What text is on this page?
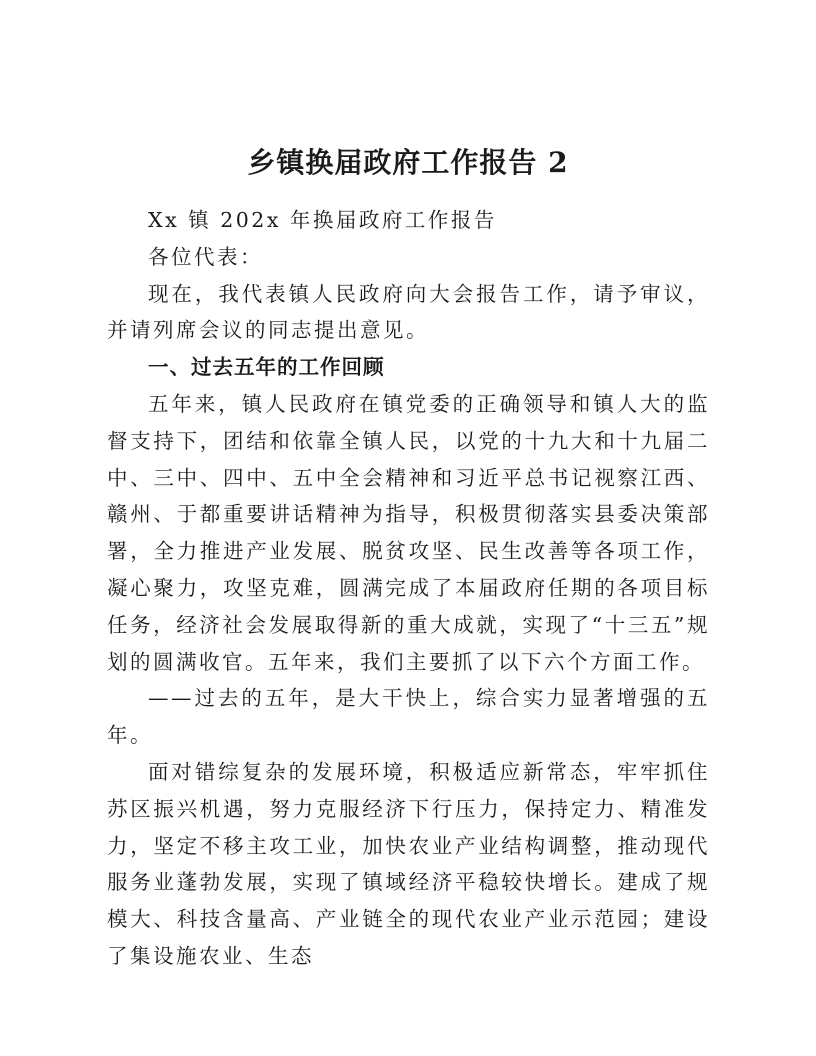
乡镇换届政府工作报告 2

Xx 镇 202x 年换届政府工作报告

各位代表：

现在，我代表镇人民政府向大会报告工作，请予审议，并请列席会议的同志提出意见。

一、过去五年的工作回顾

五年来，镇人民政府在镇党委的正确领导和镇人大的监督支持下，团结和依靠全镇人民，以党的十九大和十九届二中、三中、四中、五中全会精神和习近平总书记视察江西、赣州、于都重要讲话精神为指导，积极贯彻落实县委决策部署，全力推进产业发展、脱贫攻坚、民生改善等各项工作，凝心聚力，攻坚克难，圆满完成了本届政府任期的各项目标任务，经济社会发展取得新的重大成就，实现了“十三五”规划的圆满收官。五年来，我们主要抓了以下六个方面工作。

——过去的五年，是大干快上，综合实力显著增强的五年。

面对错综复杂的发展环境，积极适应新常态，牢牢抓住苏区振兴机遇，努力克服经济下行压力，保持定力、精准发力，坚定不移主攻工业，加快农业产业结构调整，推动现代服务业蓬勃发展，实现了镇域经济平稳较快增长。建成了规模大、科技含量高、产业链全的现代农业产业示范园；建设了集设施农业、生态
